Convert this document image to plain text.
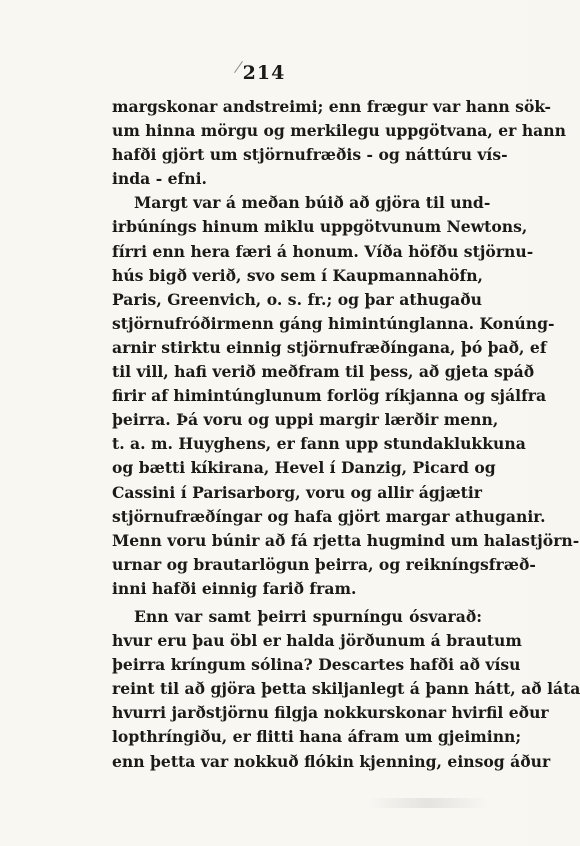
214
margskonar andstreimi; enn frægur var hann sök-
um hinna mörgu og merkilegu uppgötvana, er hann
hafði gjört um stjörnufræðis - og náttúru vís-
inda - efni.
Margt var á meðan búið að gjöra til und-
irbúníngs hinum miklu uppgötvunum Newtons,
fírri enn hera færi á honum. Víða höfðu stjörnu-
hús bigð verið, svo sem í Kaupmannahöfn,
Paris, Greenvich, o. s. fr.; og þar athugaðu
stjörnufróðirmenn gáng himintúnglanna. Konúng-
arnir stirktu einnig stjörnufræðíngana, þó það, ef
til vill, hafi verið meðfram til þess, að gjeta spáð
firir af himintúnglunum forlög ríkjanna og sjálfra
þeirra. Þá voru og uppi margir lærðir menn,
t. a. m. Huyghens, er fann upp stundaklukkuna
og bætti kíkirana, Hevel í Danzig, Picard og
Cassini í Parisarborg, voru og allir ágjætir
stjörnufræðíngar og hafa gjört margar athuganir.
Menn voru búnir að fá rjetta hugmind um halastjörn-
urnar og brautarlögun þeirra, og reikníngsfræð-
inni hafði einnig farið fram.
Enn var samt þeirri spurníngu ósvarað:
hvur eru þau öbl er halda jörðunum á brautum
þeirra kríngum sólina? Descartes hafði að vísu
reint til að gjöra þetta skiljanlegt á þann hátt, að láta
hvurri jarðstjörnu filgja nokkurskonar hvirfil eður
lopthríngiðu, er flitti hana áfram um gjeiminn;
enn þetta var nokkuð flókin kjenning, einsog áður
